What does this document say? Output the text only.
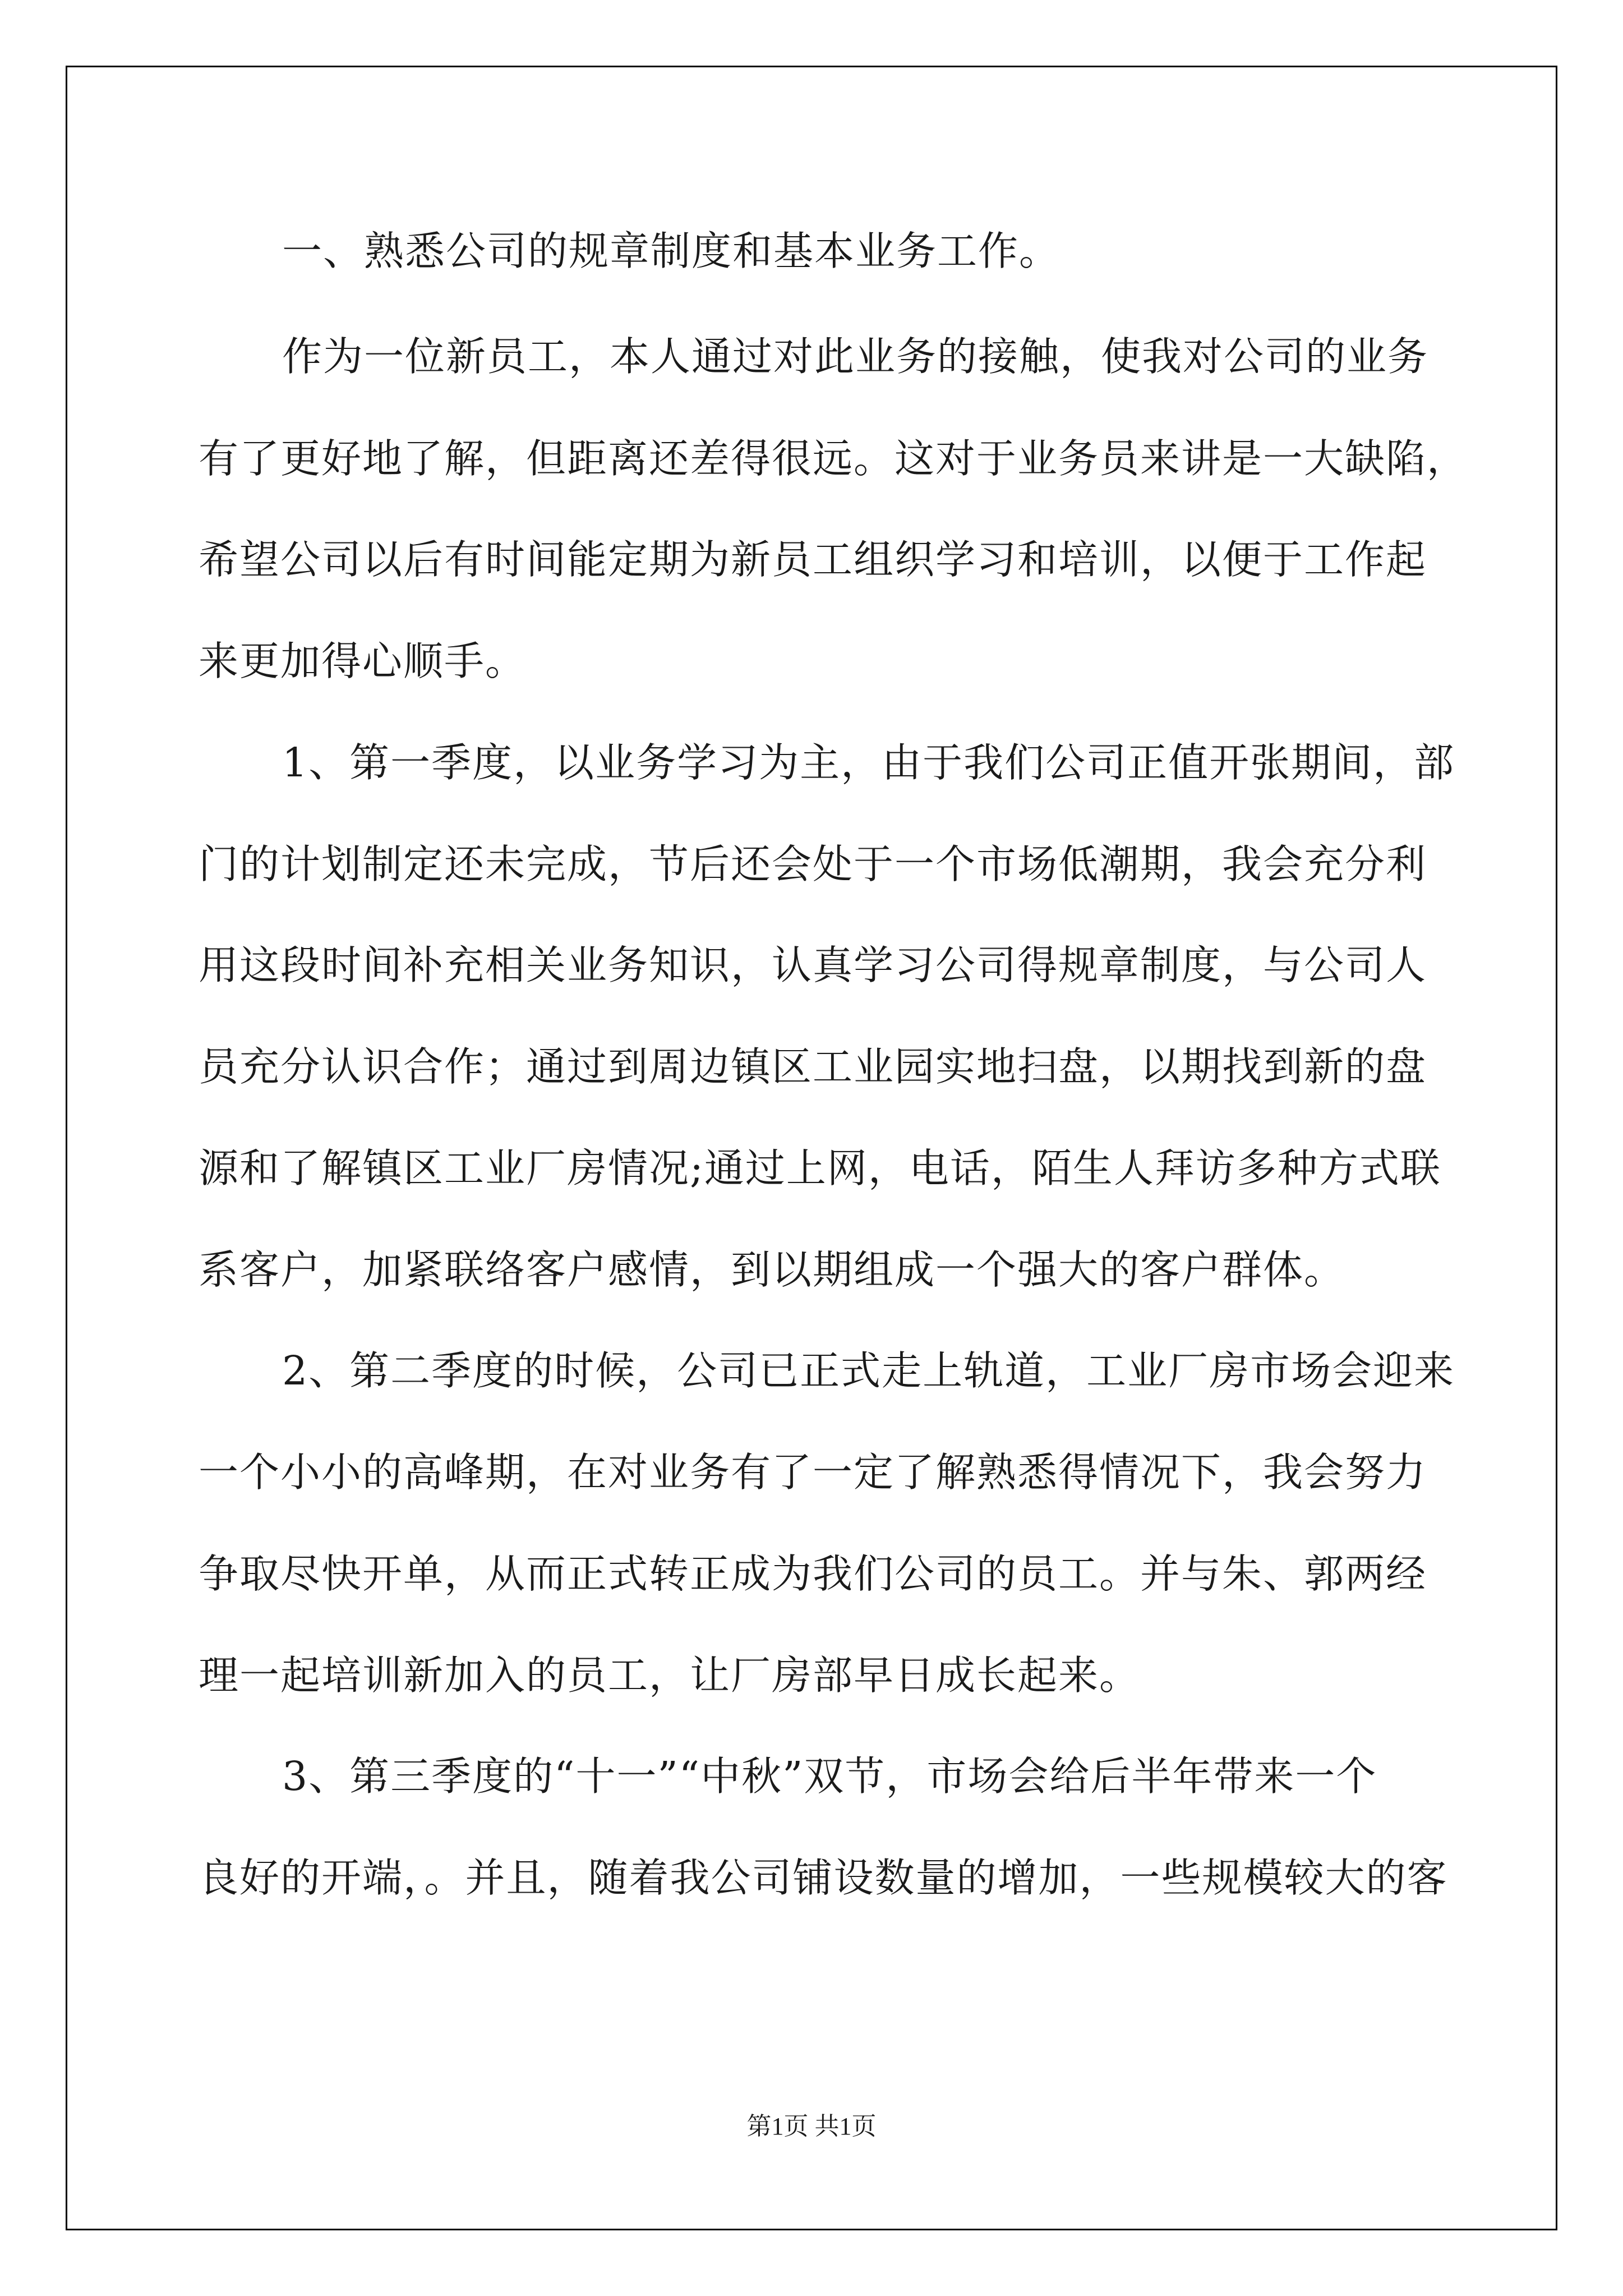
一、熟悉公司的规章制度和基本业务工作。
作为一位新员工，本人通过对此业务的接触，使我对公司的业务
有了更好地了解，但距离还差得很远。这对于业务员来讲是一大缺陷，
希望公司以后有时间能定期为新员工组织学习和培训，以便于工作起
来更加得心顺手。
1、第一季度，以业务学习为主，由于我们公司正值开张期间，部
门的计划制定还未完成，节后还会处于一个市场低潮期，我会充分利
用这段时间补充相关业务知识，认真学习公司得规章制度，与公司人
员充分认识合作；通过到周边镇区工业园实地扫盘，以期找到新的盘
源和了解镇区工业厂房情况;通过上网，电话，陌生人拜访多种方式联
系客户，加紧联络客户感情，到以期组成一个强大的客户群体。
2、第二季度的时候，公司已正式走上轨道，工业厂房市场会迎来
一个小小的高峰期，在对业务有了一定了解熟悉得情况下，我会努力
争取尽快开单，从而正式转正成为我们公司的员工。并与朱、郭两经
理一起培训新加入的员工，让厂房部早日成长起来。
3、第三季度的“十一”“中秋”双节，市场会给后半年带来一个
良好的开端，。并且，随着我公司铺设数量的增加，一些规模较大的客
第1页 共1页
